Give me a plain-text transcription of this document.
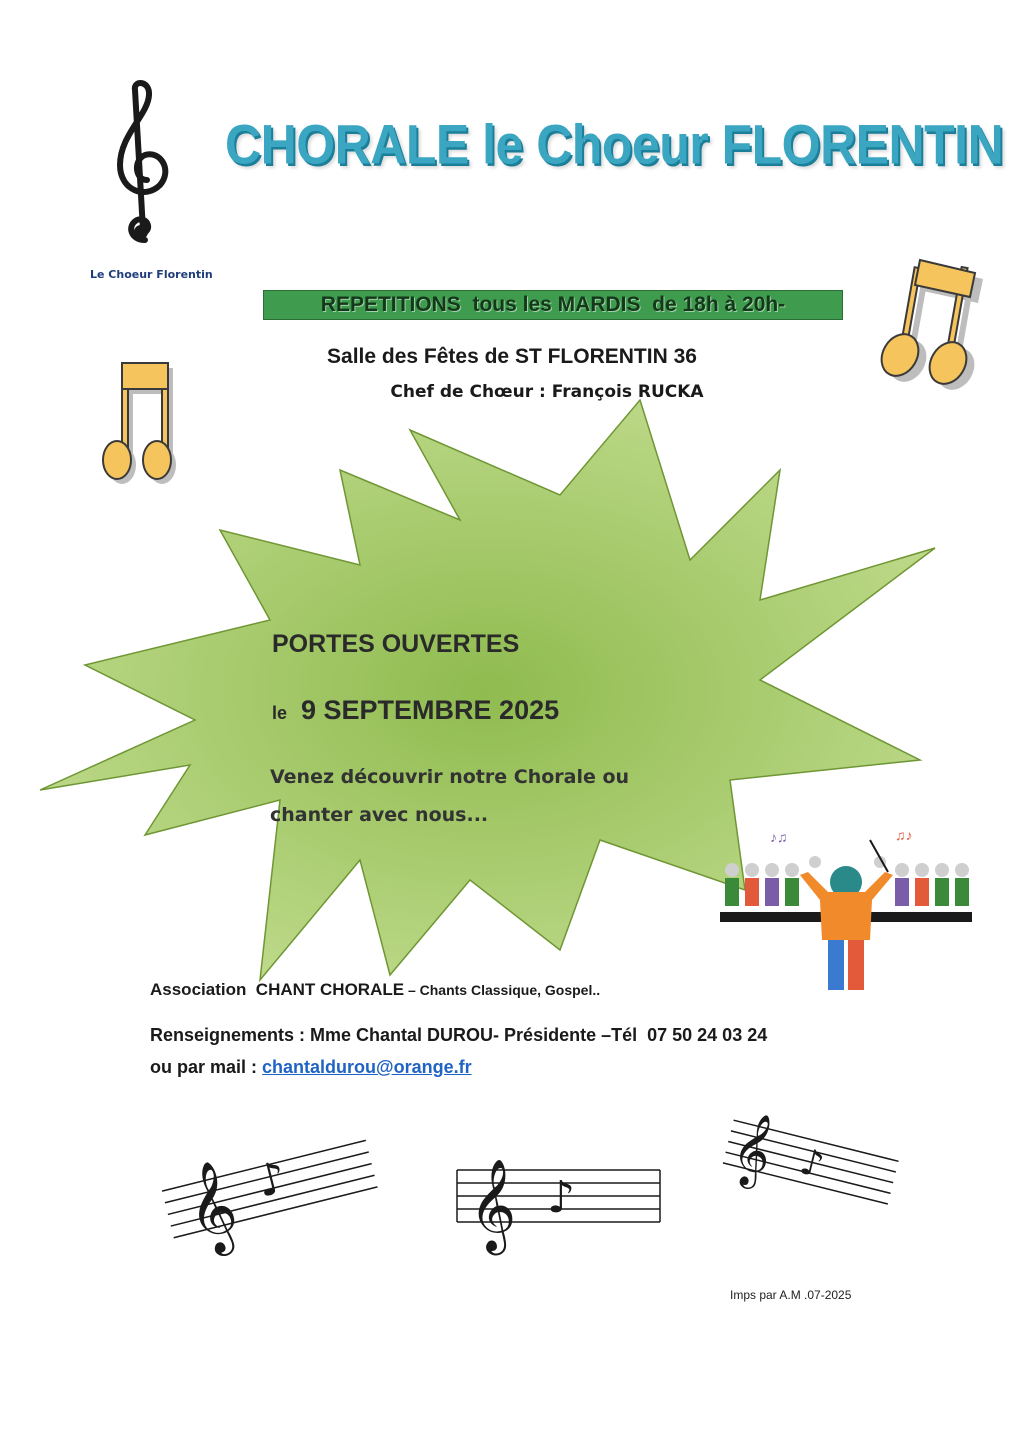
Le Choeur Florentin
CHORALE le Choeur FLORENTIN
REPETITIONS  tous les MARDIS  de 18h à 20h-
Salle des Fêtes de ST FLORENTIN 36
Chef de Chœur : François RUCKA
PORTES OUVERTES
le 9 SEPTEMBRE 2025
Venez découvrir notre Chorale ou
chanter avec nous...
♪♫	♫♪
Association  CHANT CHORALE – Chants Classique, Gospel..
Renseignements : Mme Chantal DUROU- Présidente –Tél  07 50 24 03 24
ou par mail : chantaldurou@orange.fr
𝄞 ♪ 𝄞 ♪
𝄞 ♪
Imps par A.M .07-2025
